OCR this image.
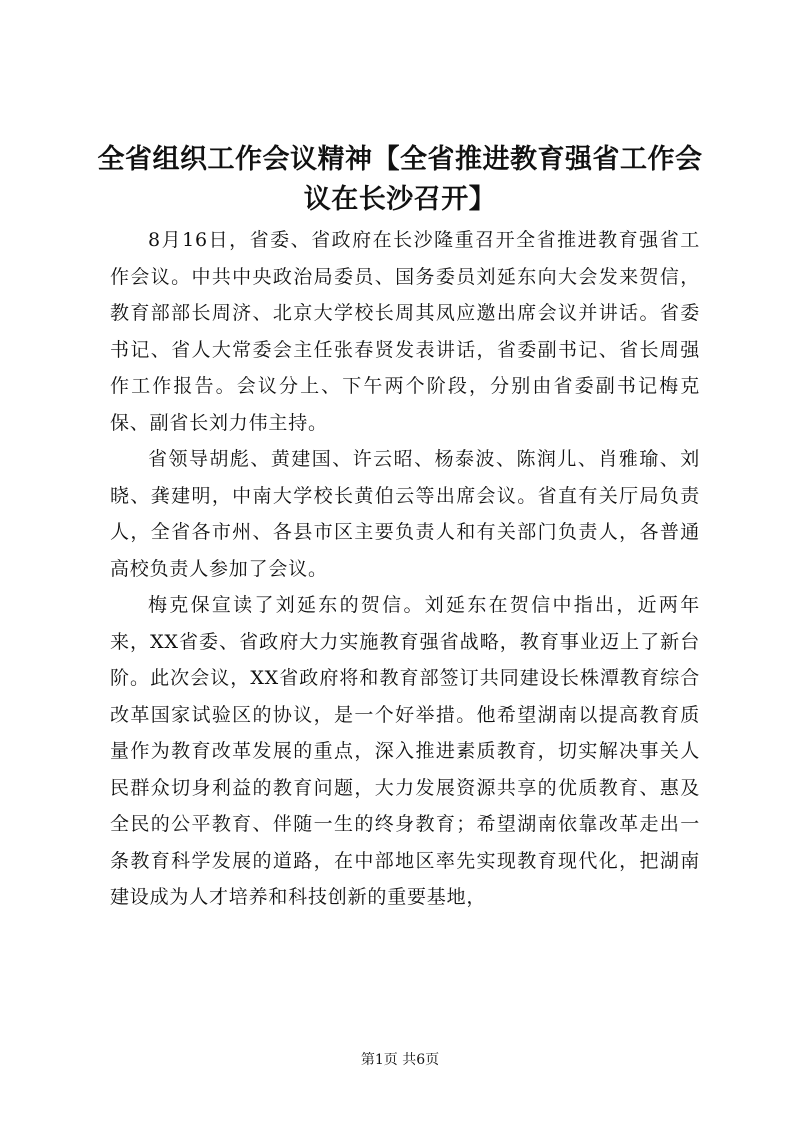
全省组织工作会议精神【全省推进教育强省工作会议在长沙召开】

8月16日，省委、省政府在长沙隆重召开全省推进教育强省工作会议。中共中央政治局委员、国务委员刘延东向大会发来贺信，教育部部长周济、北京大学校长周其凤应邀出席会议并讲话。省委书记、省人大常委会主任张春贤发表讲话，省委副书记、省长周强作工作报告。会议分上、下午两个阶段，分别由省委副书记梅克保、副省长刘力伟主持。

省领导胡彪、黄建国、许云昭、杨泰波、陈润儿、肖雅瑜、刘晓、龚建明，中南大学校长黄伯云等出席会议。省直有关厅局负责人，全省各市州、各县市区主要负责人和有关部门负责人，各普通高校负责人参加了会议。

梅克保宣读了刘延东的贺信。刘延东在贺信中指出，近两年来，XX省委、省政府大力实施教育强省战略，教育事业迈上了新台阶。此次会议，XX省政府将和教育部签订共同建设长株潭教育综合改革国家试验区的协议，是一个好举措。他希望湖南以提高教育质量作为教育改革发展的重点，深入推进素质教育，切实解决事关人民群众切身利益的教育问题，大力发展资源共享的优质教育、惠及全民的公平教育、伴随一生的终身教育；希望湖南依靠改革走出一条教育科学发展的道路，在中部地区率先实现教育现代化，把湖南建设成为人才培养和科技创新的重要基地，

第1页 共6页
